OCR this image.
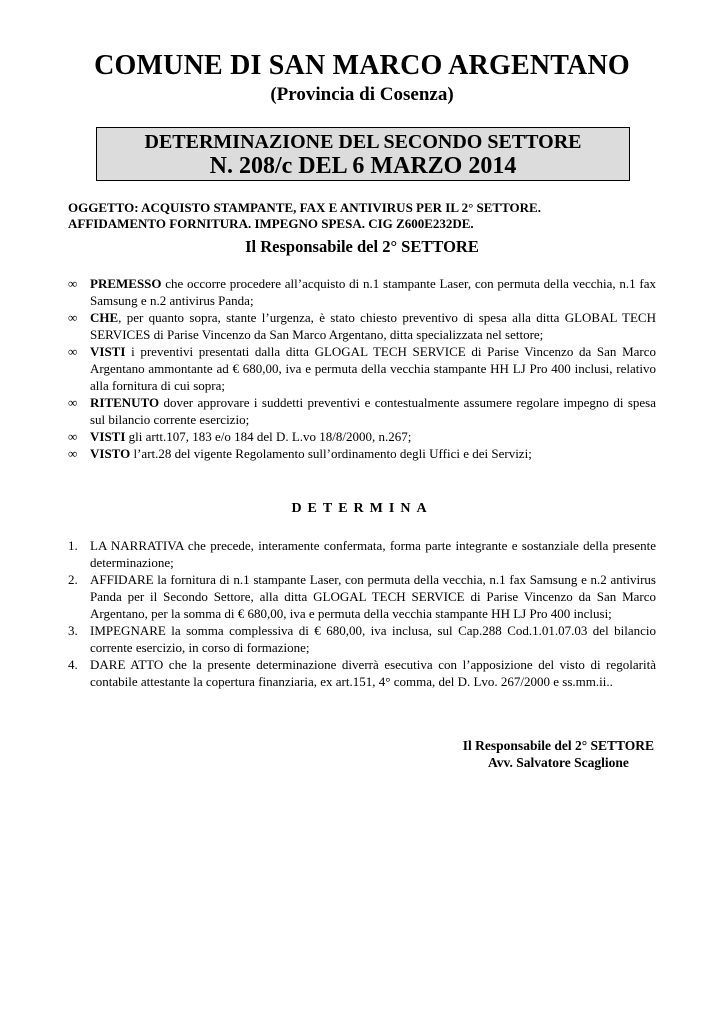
COMUNE DI SAN MARCO ARGENTANO
(Provincia di Cosenza)
DETERMINAZIONE DEL SECONDO SETTORE
N. 208/c DEL 6 MARZO 2014
OGGETTO: ACQUISTO STAMPANTE, FAX E ANTIVIRUS PER IL 2° SETTORE.
AFFIDAMENTO FORNITURA. IMPEGNO SPESA. CIG Z600E232DE.
Il Responsabile del 2° SETTORE
∞ PREMESSO che occorre procedere all’acquisto di n.1 stampante Laser, con permuta della vecchia, n.1 fax Samsung e n.2 antivirus Panda;
∞ CHE, per quanto sopra, stante l’urgenza, è stato chiesto preventivo di spesa alla ditta GLOBAL TECH SERVICES di Parise Vincenzo da San Marco Argentano, ditta specializzata nel settore;
∞ VISTI i preventivi presentati dalla ditta GLOGAL TECH SERVICE di Parise Vincenzo da San Marco Argentano ammontante ad € 680,00, iva e permuta della vecchia stampante HH LJ Pro 400 inclusi, relativo alla fornitura di cui sopra;
∞ RITENUTO dover approvare i suddetti preventivi e contestualmente assumere regolare impegno di spesa sul bilancio corrente esercizio;
∞ VISTI gli artt.107, 183 e/o 184 del D. L.vo 18/8/2000, n.267;
∞ VISTO l’art.28 del vigente Regolamento sull’ordinamento degli Uffici e dei Servizi;
DETERMINA
1. LA NARRATIVA che precede, interamente confermata, forma parte integrante e sostanziale della presente determinazione;
2. AFFIDARE la fornitura di n.1 stampante Laser, con permuta della vecchia, n.1 fax Samsung e n.2 antivirus Panda per il Secondo Settore, alla ditta GLOGAL TECH SERVICE di Parise Vincenzo da San Marco Argentano, per la somma di € 680,00, iva e permuta della vecchia stampante HH LJ Pro 400 inclusi;
3. IMPEGNARE la somma complessiva di € 680,00, iva inclusa, sul Cap.288 Cod.1.01.07.03 del bilancio corrente esercizio, in corso di formazione;
4. DARE ATTO che la presente determinazione diverrà esecutiva con l’apposizione del visto di regolarità contabile attestante la copertura finanziaria, ex art.151, 4° comma, del D. Lvo. 267/2000 e ss.mm.ii..
Il Responsabile del 2° SETTORE
Avv. Salvatore Scaglione
